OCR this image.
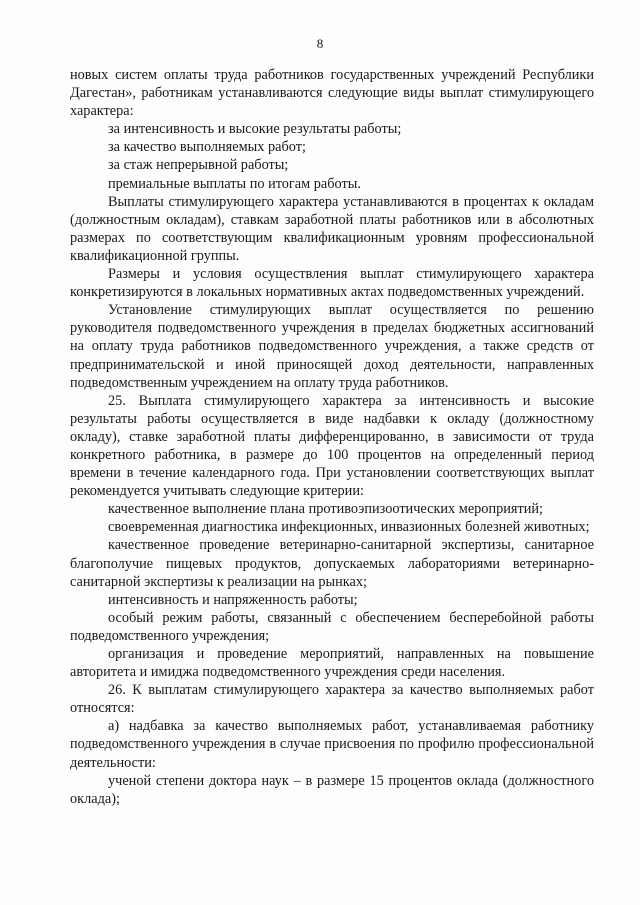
8

новых систем оплаты труда работников государственных учреждений Республики Дагестан», работникам устанавливаются следующие виды выплат стимулирующего характера:

за интенсивность и высокие результаты работы;

за качество выполняемых работ;

за стаж непрерывной работы;

премиальные выплаты по итогам работы.

Выплаты стимулирующего характера устанавливаются в процентах к окладам (должностным окладам), ставкам заработной платы работников или в абсолютных размерах по соответствующим квалификационным уровням профессиональной квалификационной группы.

Размеры и условия осуществления выплат стимулирующего характера конкретизируются в локальных нормативных актах подведомственных учреждений.

Установление стимулирующих выплат осуществляется по решению руководителя подведомственного учреждения в пределах бюджетных ассигнований на оплату труда работников подведомственного учреждения, а также средств от предпринимательской и иной приносящей доход деятельности, направленных подведомственным учреждением на оплату труда работников.

25. Выплата стимулирующего характера за интенсивность и высокие результаты работы осуществляется в виде надбавки к окладу (должностному окладу), ставке заработной платы дифференцированно, в зависимости от труда конкретного работника, в размере до 100 процентов на определенный период времени в течение календарного года. При установлении соответствующих выплат рекомендуется учитывать следующие критерии:

качественное выполнение плана противоэпизоотических мероприятий;

своевременная диагностика инфекционных, инвазионных болезней животных;

качественное проведение ветеринарно-санитарной экспертизы, санитарное благополучие пищевых продуктов, допускаемых лабораториями ветеринарно-санитарной экспертизы к реализации на рынках;

интенсивность и напряженность работы;

особый режим работы, связанный с обеспечением бесперебойной работы подведомственного учреждения;

организация и проведение мероприятий, направленных на повышение авторитета и имиджа подведомственного учреждения среди населения.

26. К выплатам стимулирующего характера за качество выполняемых работ относятся:

а) надбавка за качество выполняемых работ, устанавливаемая работнику подведомственного учреждения в случае присвоения по профилю профессиональной деятельности:

ученой степени доктора наук – в размере 15 процентов оклада (должностного оклада);
